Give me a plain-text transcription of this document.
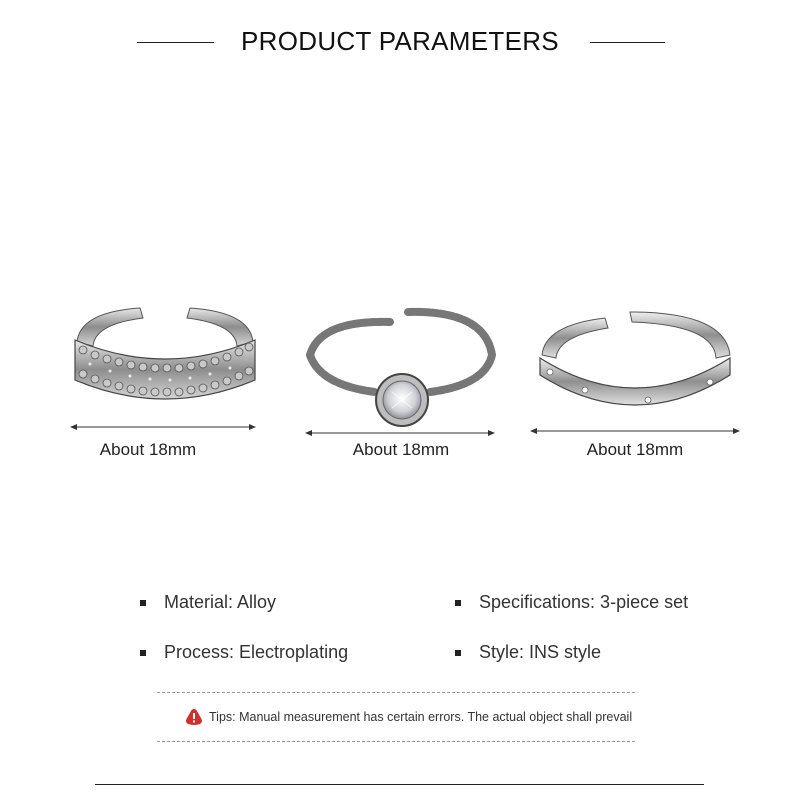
PRODUCT PARAMETERS
About 18mm	About 18mm	About 18mm
Material: Alloy	Specifications: 3-piece set
Process: Electroplating	Style: INS style
Tips: Manual measurement has certain errors. The actual object shall prevail
